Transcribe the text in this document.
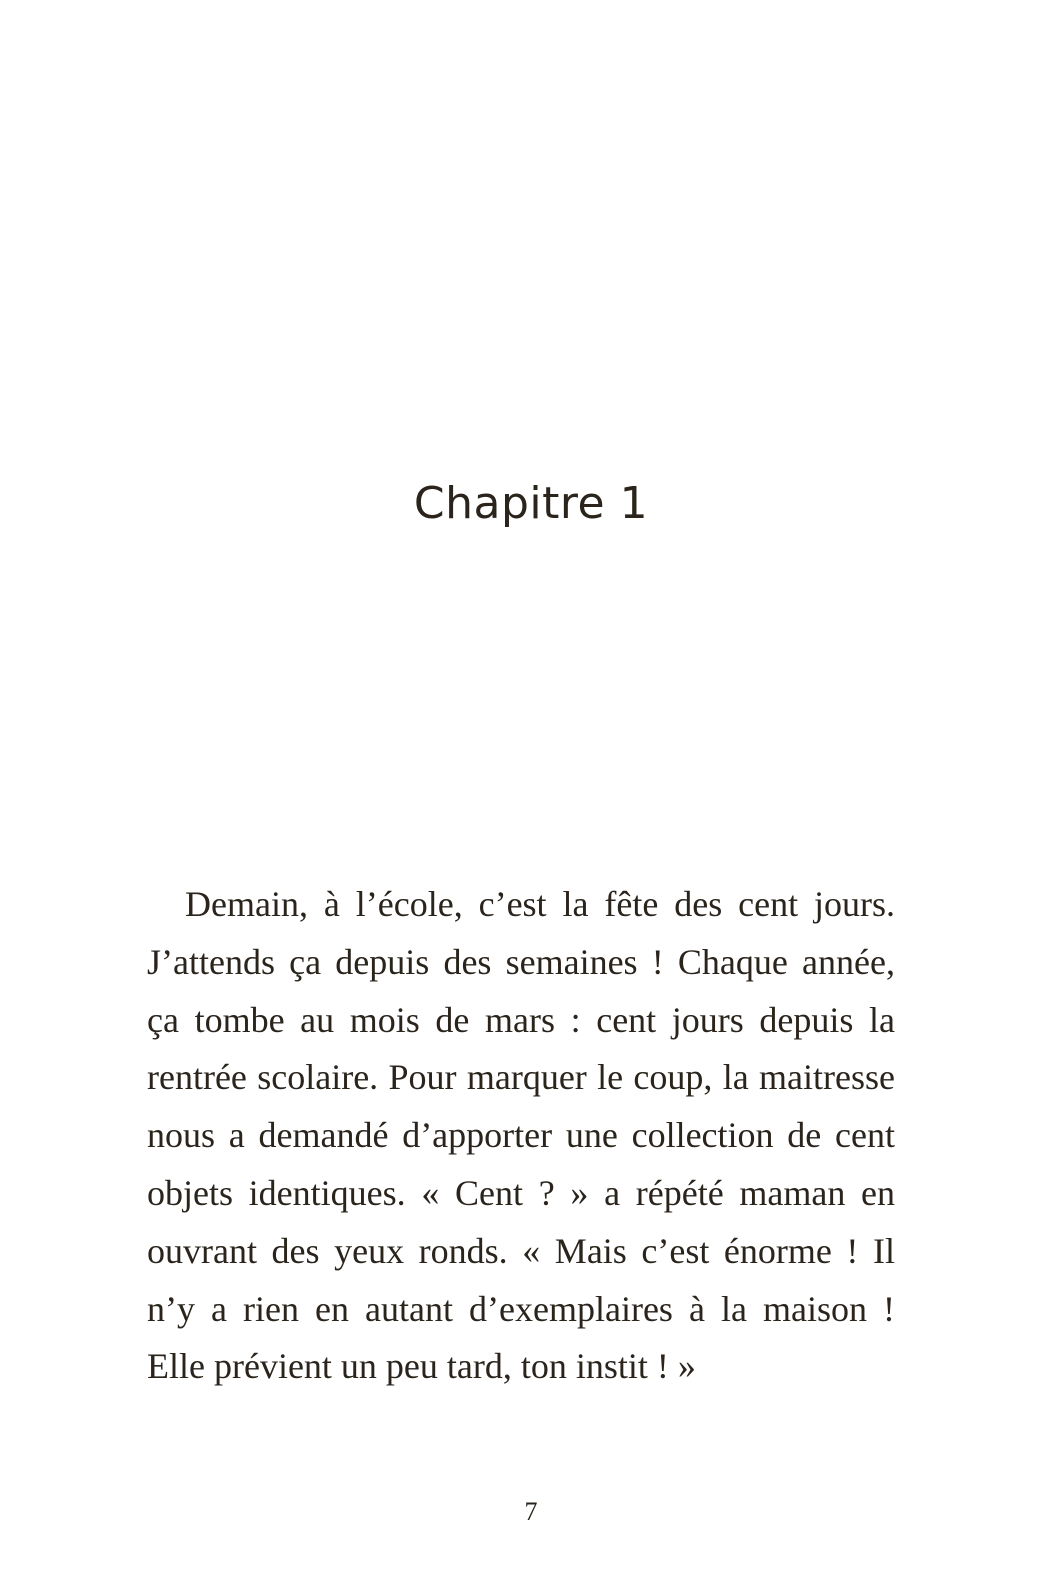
Chapitre 1
Demain, à l’école, c’est la fête des cent jours.
J’attends ça depuis des semaines ! Chaque année,
ça tombe au mois de mars : cent jours depuis la
rentrée scolaire. Pour marquer le coup, la maitresse
nous a demandé d’apporter une collection de cent
objets identiques. « Cent ? » a répété maman en
ouvrant des yeux ronds. « Mais c’est énorme ! Il
n’y a rien en autant d’exemplaires à la maison !
Elle prévient un peu tard, ton instit ! »
7
